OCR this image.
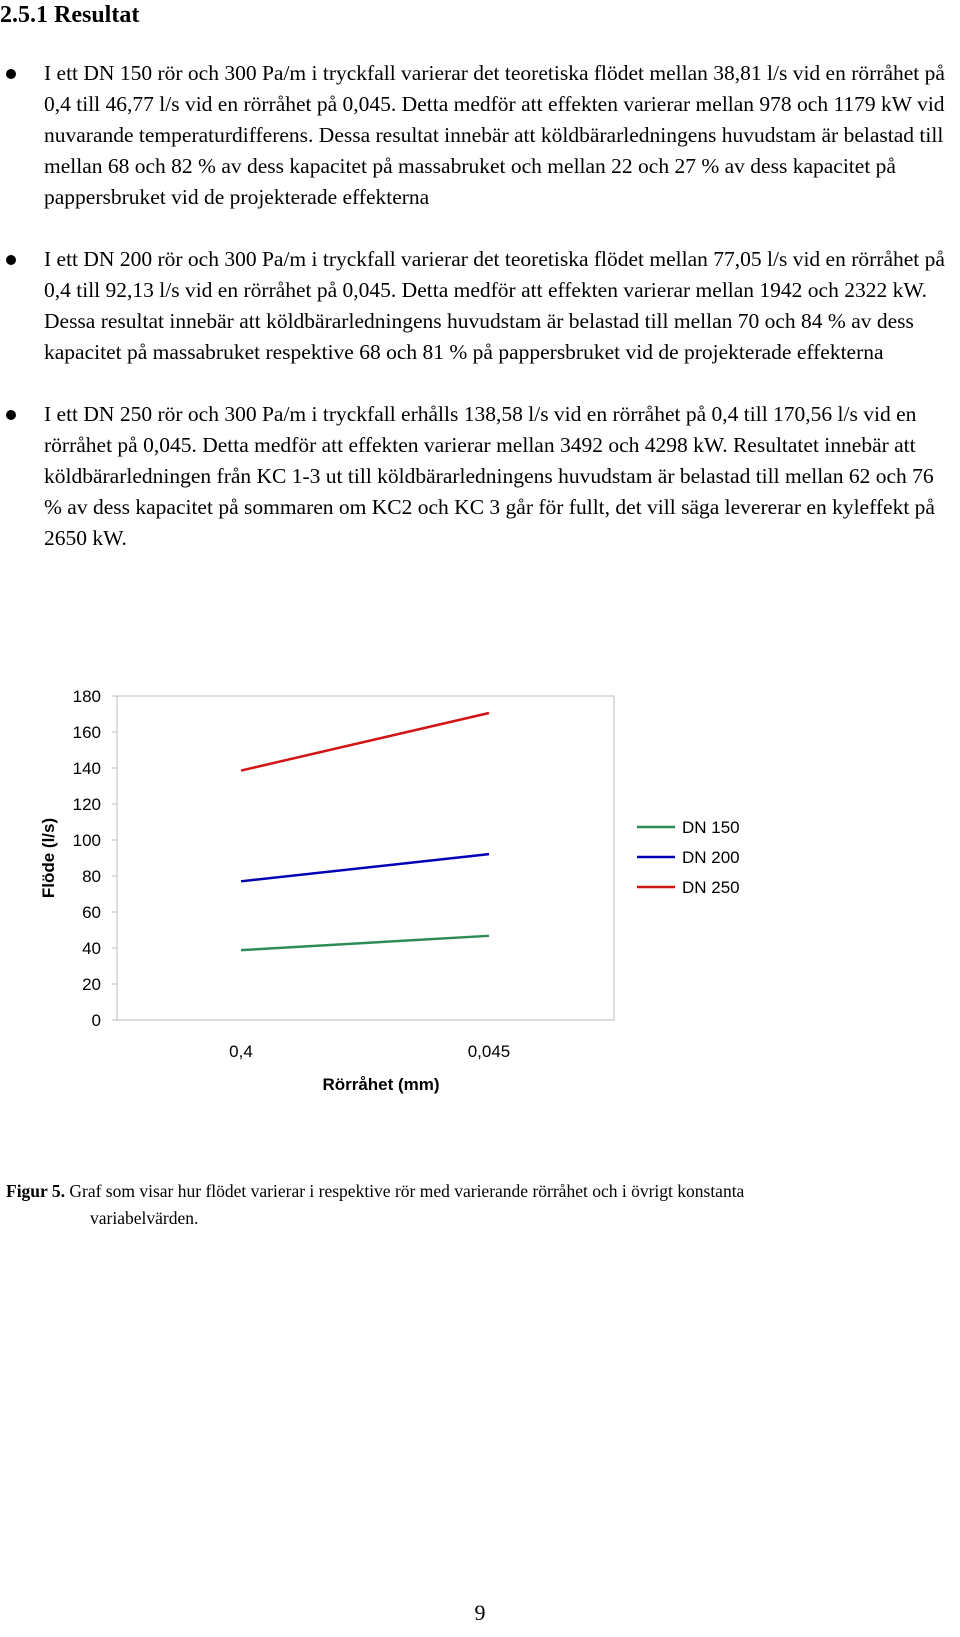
2.5.1 Resultat
I ett DN 150 rör och 300 Pa/m i tryckfall varierar det teoretiska flödet mellan 38,81 l/s vid en rörråhet på 0,4 till 46,77 l/s vid en rörråhet på 0,045. Detta medför att effekten varierar mellan 978 och 1179 kW vid nuvarande temperaturdifferens. Dessa resultat innebär att köldbärarledningens huvudstam är belastad till mellan 68 och 82 % av dess kapacitet på massabruket och mellan 22 och 27 % av dess kapacitet på pappersbruket vid de projekterade effekterna
I ett DN 200 rör och 300 Pa/m i tryckfall varierar det teoretiska flödet mellan 77,05 l/s vid en rörråhet på 0,4 till 92,13 l/s vid en rörråhet på 0,045. Detta medför att effekten varierar mellan 1942 och 2322 kW. Dessa resultat innebär att köldbärarledningens huvudstam är belastad till mellan 70 och 84 % av dess kapacitet på massabruket respektive 68 och 81 % på pappersbruket vid de projekterade effekterna
I ett DN 250 rör och 300 Pa/m i tryckfall erhålls 138,58 l/s vid en rörråhet på 0,4 till 170,56 l/s vid en rörråhet på 0,045. Detta medför att effekten varierar mellan 3492 och 4298 kW. Resultatet innebär att köldbärarledningen från KC 1-3 ut till köldbärarledningens huvudstam är belastad till mellan 62 och 76 % av dess kapacitet på sommaren om KC2 och KC 3 går för fullt, det vill säga levererar en kyleffekt på 2650 kW.
0
20
40
60
80
100
120
140
160
180
0,4	0,045
DN 150
DN 200
DN 250
Rörråhet (mm)
Flöde (l/s)
Figur 5. Graf som visar hur flödet varierar i respektive rör med varierande rörråhet och i övrigt konstanta
variabelvärden.
9
